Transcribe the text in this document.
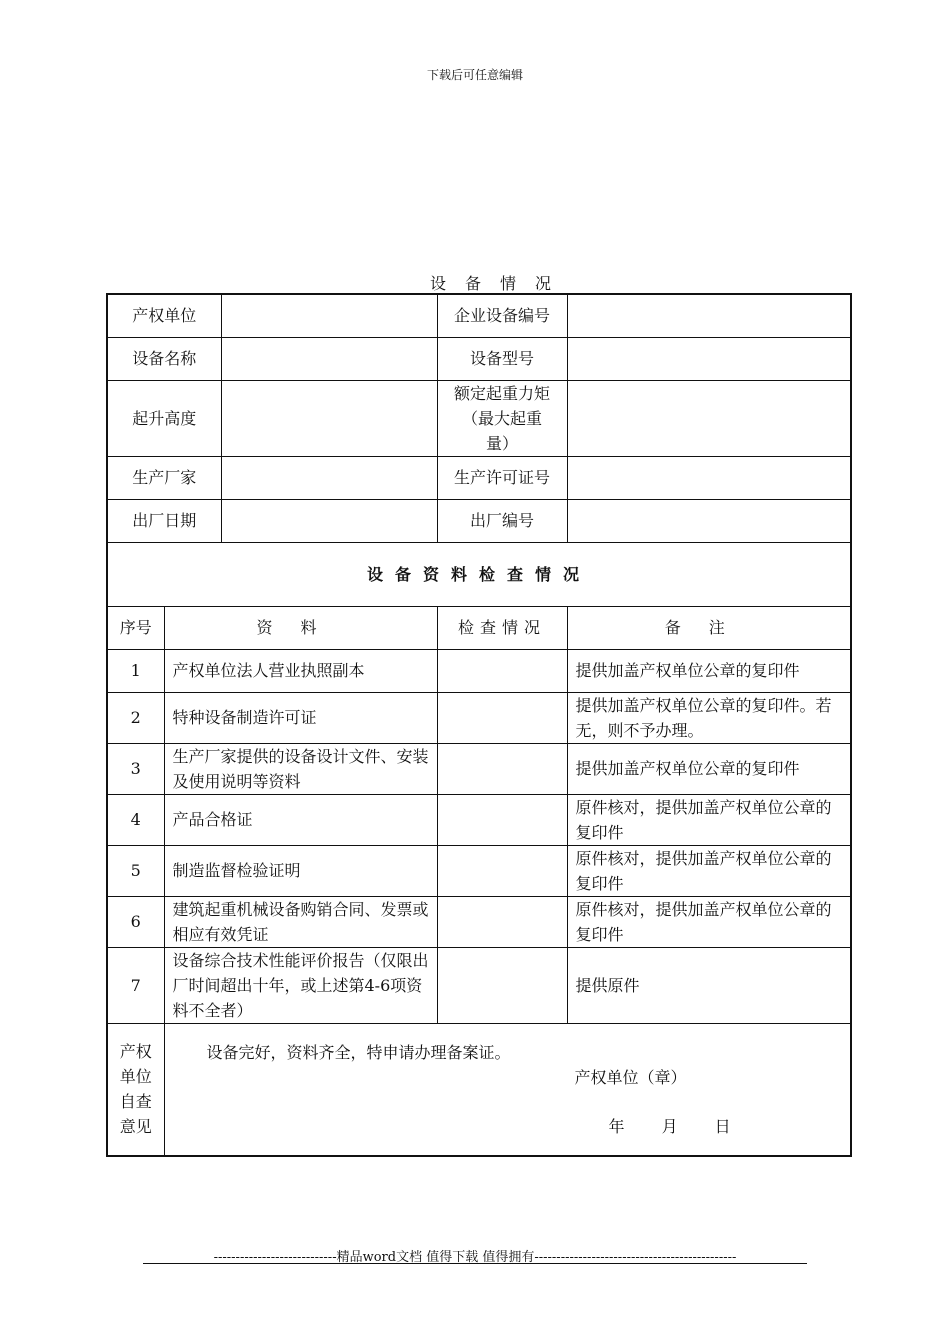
下载后可任意编辑
设备情况
产权单位			企业设备编号	
设备名称			设备型号	
起升高度			额定起重力矩（最大起重量）	
生产厂家			生产许可证号	
出厂日期			出厂编号	
设备资料检查情况				
序号	资料		检查情况	备注
1	产权单位法人营业执照副本			提供加盖产权单位公章的复印件
2	特种设备制造许可证			提供加盖产权单位公章的复印件。若无，则不予办理。
3	生产厂家提供的设备设计文件、安装及使用说明等资料			提供加盖产权单位公章的复印件
4	产品合格证			原件核对，提供加盖产权单位公章的复印件
5	制造监督检验证明			原件核对，提供加盖产权单位公章的复印件
6	建筑起重机械设备购销合同、发票或相应有效凭证			原件核对，提供加盖产权单位公章的复印件
7	设备综合技术性能评价报告（仅限出厂时间超出十年，或上述第4-6项资料不全者）			提供原件
产权单位自查意见	设备完好，资料齐全，特申请办理备案证。
产权单位（章）
年 月 日			
----------------------------精品word文档 值得下载 值得拥有----------------------------------------------
